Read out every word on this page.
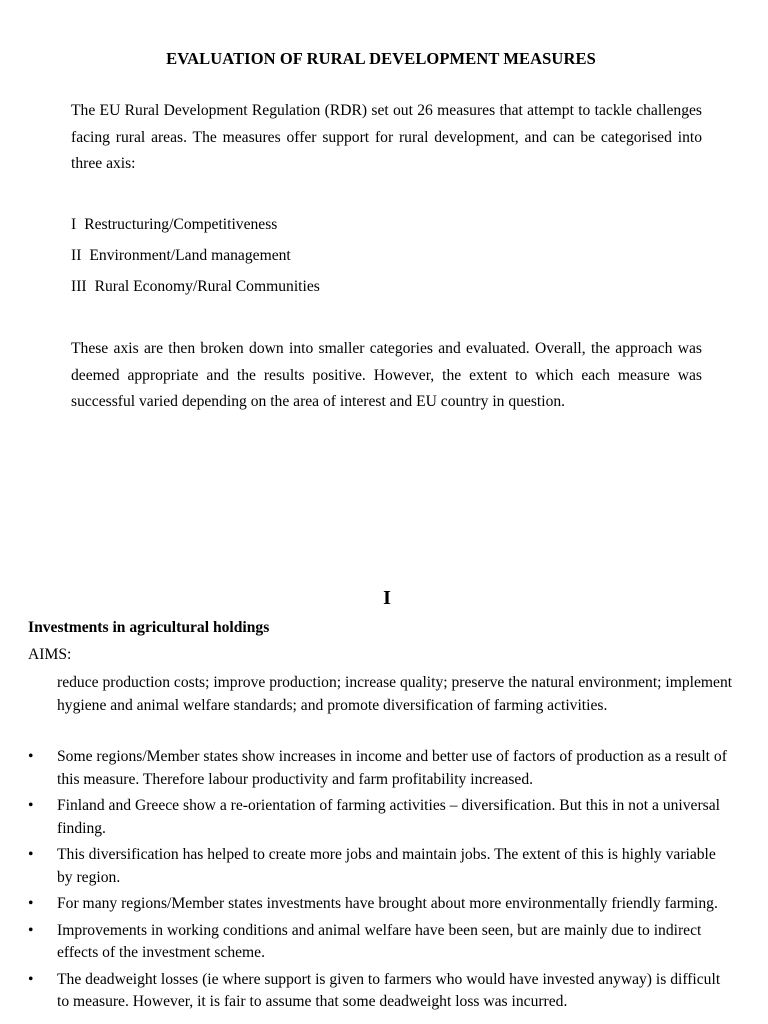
EVALUATION OF RURAL DEVELOPMENT MEASURES

The EU Rural Development Regulation (RDR) set out 26 measures that attempt to tackle challenges facing rural areas. The measures offer support for rural development, and can be categorised into three axis:

I Restructuring/Competitiveness
II Environment/Land management
III Rural Economy/Rural Communities

These axis are then broken down into smaller categories and evaluated. Overall, the approach was deemed appropriate and the results positive. However, the extent to which each measure was successful varied depending on the area of interest and EU country in question.

I
Investments in agricultural holdings
AIMS:

reduce production costs; improve production; increase quality; preserve the natural environment; implement hygiene and animal welfare standards; and promote diversification of farming activities.

• Some regions/Member states show increases in income and better use of factors of production as a result of this measure. Therefore labour productivity and farm profitability increased.
• Finland and Greece show a re-orientation of farming activities – diversification. But this in not a universal finding.
• This diversification has helped to create more jobs and maintain jobs. The extent of this is highly variable by region.
• For many regions/Member states investments have brought about more environmentally friendly farming.
• Improvements in working conditions and animal welfare have been seen, but are mainly due to indirect effects of the investment scheme.
• The deadweight losses (ie where support is given to farmers who would have invested anyway) is difficult to measure. However, it is fair to assume that some deadweight loss was incurred.
